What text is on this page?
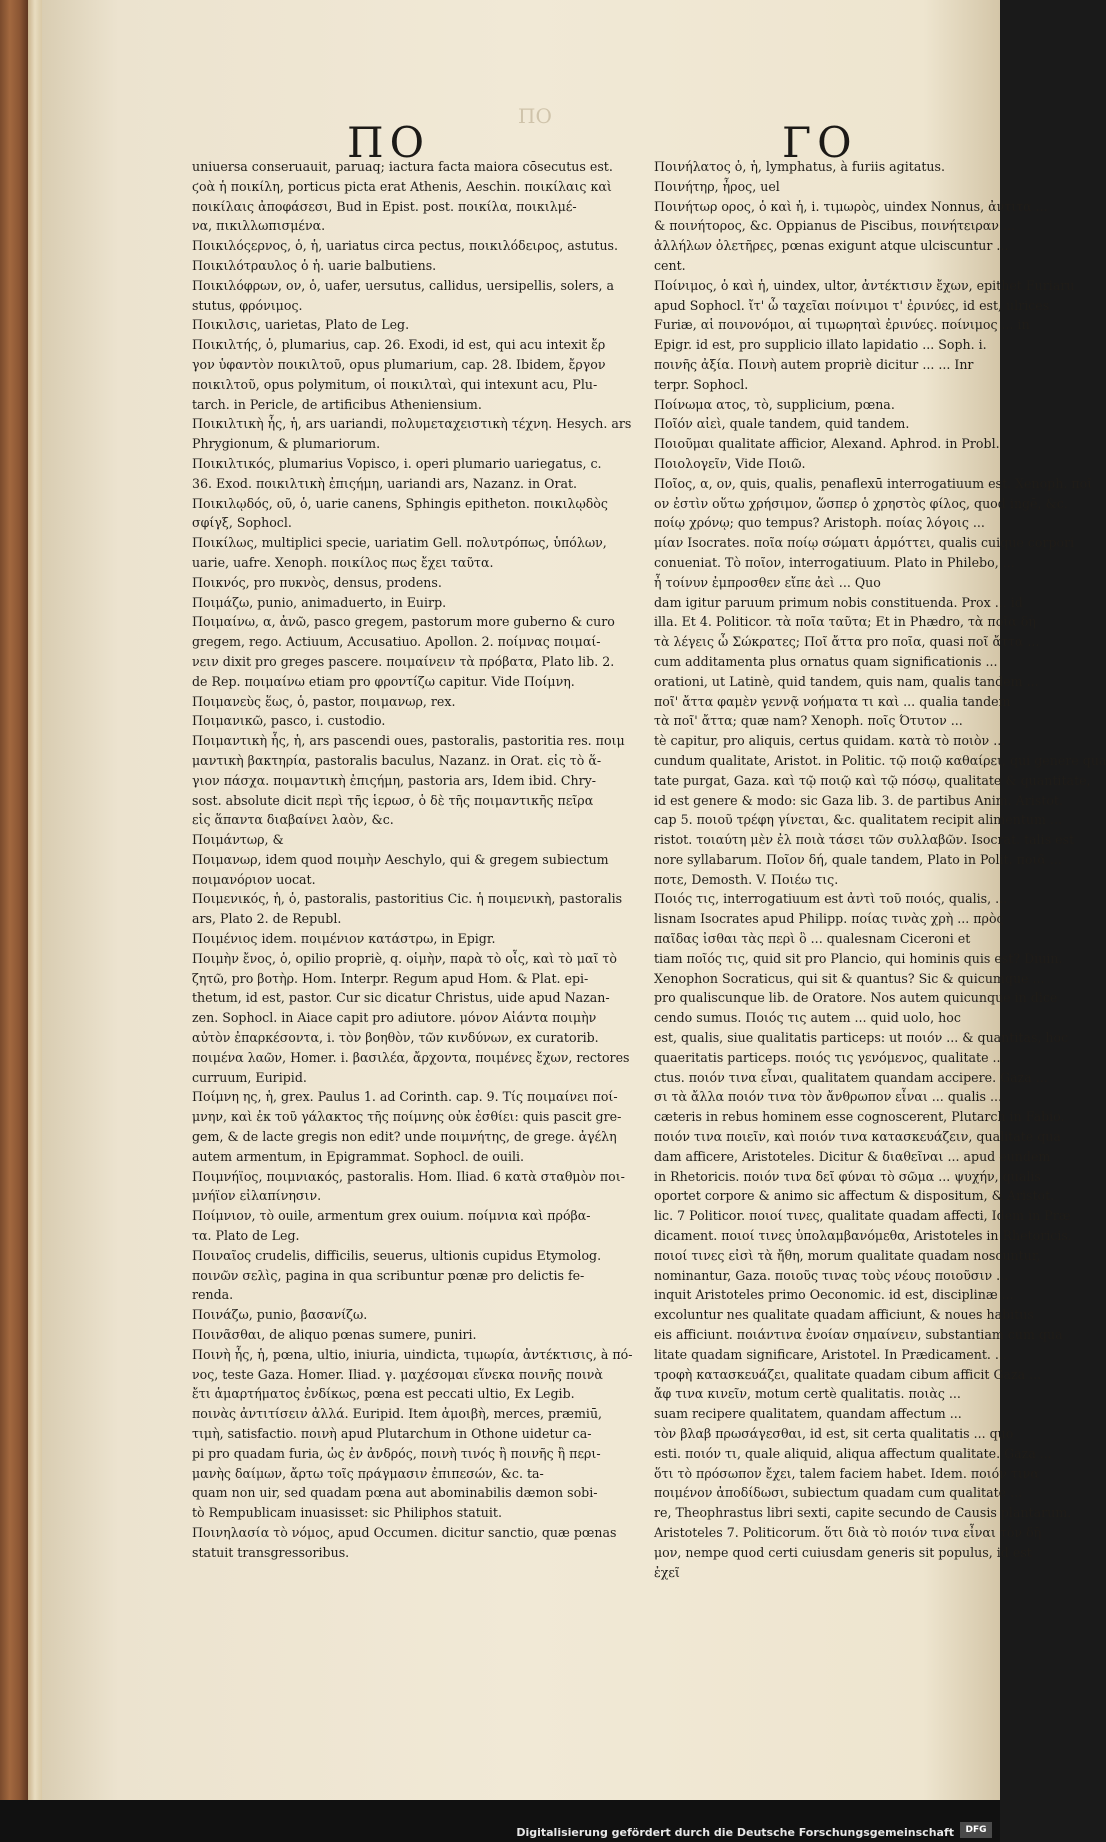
ΠΟ
ΠΟ	ΓΟ

uniuersa conseruauit, paruaq; iactura facta maiora cōsecutus est.

ϛοὰ ἡ ποικίλη, porticus picta erat Athenis, Aeschin. ποικίλαις καὶ

ποικίλαις ἀποφάσεσι, Bud in Epist. post. ποικίλα, ποικιλμέ-

να, πικιλλωπισμένα.

Ποικιλόςερνος, ὁ, ἡ, uariatus circa pectus, ποικιλόδειρος, astutus.

Ποικιλότραυλος ὁ ἡ. uarie balbutiens.

Ποικιλόφρων, ον, ὁ, uafer, uersutus, callidus, uersipellis, solers, a

stutus, φρόνιμος.

Ποικιλσις, uarietas, Plato de Leg.

Ποικιλτής, ὁ, plumarius, cap. 26. Exodi, id est, qui acu intexit ἔρ

γον ὑφαντὸν ποικιλτοῦ, opus plumarium, cap. 28. Ibidem, ἔργον

ποικιλτοῦ, opus polymitum, οἱ ποικιλταὶ, qui intexunt acu, Plu-

tarch. in Pericle, de artificibus Atheniensium.

Ποικιλτικὴ ἧς, ἡ, ars uariandi, πολυμεταχειστικὴ τέχνη. Hesych. ars

Phrygionum, & plumariorum.

Ποικιλτικός, plumarius Vopisco, i. operi plumario uariegatus, c.

36. Exod. ποικιλτικὴ ἐπιςήμη, uariandi ars, Nazanz. in Orat.

Ποικιλῳδός, οῦ, ὁ, uarie canens, Sphingis epitheton. ποικιλῳδὸς

σφίγξ, Sophocl.

Ποικίλως, multiplici specie, uariatim Gell. πολυτρόπως, ὑπόλων,

uarie, uafre. Xenoph. ποικίλος πως ἔχει ταῦτα.

Ποικνός, pro πυκνὸς, densus, prodens.

Ποιμάζω, punio, animaduerto, in Euirp.

Ποιμαίνω, α, ἀνῶ, pasco gregem, pastorum more guberno & curo

gregem, rego. Actiuum, Accusatiuo. Apollon. 2. ποίμνας ποιμαί-

νειν dixit pro greges pascere. ποιμαίνειν τὰ πρόβατα, Plato lib. 2.

de Rep. ποιμαίνω etiam pro φροντίζω capitur. Vide Ποίμνη.

Ποιμανεὺς ἕως, ὁ, pastor, ποιμανωρ, rex.

Ποιμανικῶ, pasco, i. custodio.

Ποιμαντικὴ ἧς, ἡ, ars pascendi oues, pastoralis, pastoritia res. ποιμ

μαντικὴ βακτηρία, pastoralis baculus, Nazanz. in Orat. εἰς τὸ ἅ-

γιον πάσχα. ποιμαντικὴ ἐπιςήμη, pastoria ars, Idem ibid. Chry-

sost. absolute dicit περὶ τῆς ἱερωσ, ὁ δὲ τῆς ποιμαντικῆς πεῖρα

εἰς ἅπαντα διαβαίνει λαὸν, &c.

Ποιμάντωρ, &

Ποιμανωρ, idem quod ποιμὴν Aeschylo, qui & gregem subiectum

ποιμανόριον uocat.

Ποιμενικός, ἡ, ὁ, pastoralis, pastoritius Cic. ἡ ποιμενικὴ, pastoralis

ars, Plato 2. de Republ.

Ποιμένιος idem. ποιμένιον κατάστρω, in Epigr.

Ποιμὴν ἔνος, ὁ, opilio propriè, q. οἱμὴν, παρὰ τὸ οἶς, καὶ τὸ μαῖ τὸ

ζητῶ, pro βοτὴρ. Hom. Interpr. Regum apud Hom. & Plat. epi-

thetum, id est, pastor. Cur sic dicatur Christus, uide apud Nazan-

zen. Sophocl. in Aiace capit pro adiutore. μόνον Αἰάντα ποιμὴν

αὐτὸν ἐπαρκέσοντα, i. τὸν βοηθὸν, τῶν κινδύνων, ex curatorib.

ποιμένα λαῶν, Homer. i. βασιλέα, ἄρχοντα, ποιμένες ἔχων, rectores

curruum, Euripid.

Ποίμνη ης, ἡ, grex. Paulus 1. ad Corinth. cap. 9. Τίς ποιμαίνει ποί-

μνην, καὶ ἐκ τοῦ γάλακτος τῆς ποίμνης οὐκ ἐσθίει: quis pascit gre-

gem, & de lacte gregis non edit? unde ποιμνήτης, de grege. ἀγέλη

autem armentum, in Epigrammat. Sophocl. de ouili.

Ποιμνήϊος, ποιμνιακός, pastoralis. Hom. Iliad. 6 κατὰ σταθμὸν ποι-

μνήϊον εἰλαπίνησιν.

Ποίμνιον, τὸ ouile, armentum grex ouium. ποίμνια καὶ πρόβα-

τα. Plato de Leg.

Ποιναῖος crudelis, difficilis, seuerus, ultionis cupidus Etymolog.

ποινῶν σελὶς, pagina in qua scribuntur pœnæ pro delictis fe-

renda.

Ποινάζω, punio, βασανίζω.

Ποινᾶσθαι, de aliquo pœnas sumere, puniri.

Ποινὴ ἧς, ἡ, pœna, ultio, iniuria, uindicta, τιμωρία, ἀντέκτισις, à πό-

νος, teste Gaza. Homer. Iliad. γ. μαχέσομαι εἵνεκα ποινῆς ποινὰ

ἔτι ἁμαρτήματος ἐνδίκως, pœna est peccati ultio, Ex Legib.

ποινὰς ἀντιτίσειν ἀλλά. Euripid. Item ἀμοιβὴ, merces, præmiū,

τιμὴ, satisfactio. ποινὴ apud Plutarchum in Othone uidetur ca-

pi pro quadam furia, ὡς ἐν ἀνδρός, ποινὴ τινός ἢ ποινῆς ἢ περι-

μανὴς δαίμων, ἄρτω τοῖς πράγμασιν ἐπιπεσών, &c. ta-

quam non uir, sed quadam pœna aut abominabilis dæmon sobi-

tò Rempublicam inuasisset: sic Philiphos statuit.

Ποινηλασία τὸ νόμος, apud Occumen. dicitur sanctio, quæ pœnas

statuit transgressoribus.

Ποινήλατος ὁ, ἡ, lymphatus, à furiis agitatus.

Ποινήτηρ, ἦρος, uel

Ποινήτωρ ορος, ὁ καὶ ἡ, i. τιμωρὸς, uindex Nonnus, ἀντιτα ...

& ποινήτορος, &c. Oppianus de Piscibus, ποινήτειραν ...

ἀλλήλων ὀλετῆρες, pœnas exigunt atque ulciscuntur ...

cent.

Ποίνιμος, ὁ καὶ ἡ, uindex, ultor, ἀντέκτισιν ἔχων, epithet Furiaru

apud Sophocl. ἴτ' ὦ ταχεῖαι ποίνιμοι τ' ἐρινύες, id est, ulrices

Furiæ, αἱ ποινονόμοι, αἱ τιμωρηταὶ ἐρινύες. ποίνιμος ... in

Epigr. id est, pro supplicio illato lapidatio ... Soph. i.

ποινῆς ἀξία. Ποινὴ autem propriè dicitur ... ... Inr

terpr. Sophocl.

Ποίνωμα ατος, τὸ, supplicium, pœna.

Ποῖόν αἰεὶ, quale tandem, quid tandem.

Ποιοῦμαι qualitate afficior, Alexand. Aphrod. in Probl.

Ποιολογεῖν, Vide Ποιῶ.

Ποῖος, α, ον, quis, qualis, penaflexū interrogatiuum est. Xenoph. ποῖ

ον ἐστὶν οὕτω χρήσιμον, ὥσπερ ὁ χρηστὸς φίλος, quod ingē, &c.

ποίῳ χρόνῳ; quo tempus? Aristoph. ποίας λόγοις ...

μίαν Isocrates. ποῖα ποίῳ σώματι ἁρμόττει, qualis cuique corpori

conueniat. Τὸ ποῖον, interrogatiuum. Plato in Philebo, ...

ἦ τοίνυν ἐμπροσθεν εἴπε ἀεὶ ... Quo

dam igitur paruum primum nobis constituenda. Prox ... id

illa. Et 4. Politicor. τὰ ποῖα ταῦτα; Et in Phædro, τὰ ποῖα δὴ

τὰ λέγεις ὦ Σώκρατες; Ποῖ ἄττα pro ποῖα, quasi ποῖ ἄττα ...

cum additamenta plus ornatus quam significationis ...

orationi, ut Latinè, quid tandem, quis nam, qualis tandem ...

ποῖ' ἄττα φαμὲν γεννᾷ νοήματα τι καὶ ... qualia tandem

τὰ ποῖ' ἄττα; quæ nam? Xenoph. ποῖς Ότυτον ...

tè capitur, pro aliquis, certus quidam. κατὰ τὸ ποιὸν ...

cundum qualitate, Aristot. in Politic. τῷ ποιῷ καθαίρει, qui genere qua

tate purgat, Gaza. καὶ τῷ ποιῷ καὶ τῷ πόσῳ, qualitate & quantitate,

id est genere & modo: sic Gaza lib. 3. de partibus Anim. Aristot.

cap 5. ποιοῦ τρέφη γίνεται, &c. qualitatem recipit alimentum ...

ristot. τοιαύτη μὲν ἐλ ποιὰ τάσει τῶν συλλαβῶν. Isocrat. talis est

nore syllabarum. Ποῖον δή, quale tandem, Plato in Polit. ποιᾶ ...

ποτε, Demosth. V. Ποιέω τις.

Ποιός τις, interrogatiuum est ἀντὶ τοῦ ποιός, qualis, ...

lisnam Isocrates apud Philipp. ποίας τινὰς χρὴ ... πρὸς

παῖδας ἰσθαι τὰς περὶ ὃ ... qualesnam Ciceroni et

tiam ποῖός τις, quid sit pro Plancio, qui hominis quis est? Diuin.

Xenophon Socraticus, qui sit & quantus? Sic & quicumque ...

pro qualiscunque lib. de Oratore. Nos autem quicunque in dice

cendo sumus. Ποιός τις autem ... quid uolo, hoc

est, qualis, siue qualitatis particeps: ut ποιόν ... & quantitas, hoc

quaeritatis particeps. ποιός τις γενόμενος, qualitate ...

ctus. ποιόν τινα εἶναι, qualitatem quandam accipere. Gaza ...

σι τὰ ἄλλα ποιόν τινα τὸν ἄνθρωπον εἶναι ... qualis ...

cæteris in rebus hominem esse cognoscerent, Plutarch in Fabio.

ποιόν τινα ποιεῖν, καὶ ποιόν τινα κατασκευάζειν, qualitate qua

dam afficere, Aristoteles. Dicitur & διαθεῖναι ... apud eundem

in Rhetoricis. ποιόν τινα δεῖ φύναι τὸ σῶμα ... ψυχήν, qualis

oportet corpore & animo sic affectum & dispositum, & Aristot.

lic. 7 Politicor. ποιοί τινες, qualitate quadam affecti, Idem in Præ

dicament. ποιοί τινες ὑπολαμβανόμεθα, Aristoteles in Rhetoricis.

ποιοί τινες εἰσὶ τὰ ἤθη, morum qualitate quadam noscuntur,

nominantur, Gaza. ποιοῦς τινας τοὺς νέους ποιοῦσιν ...

inquit Aristoteles primo Oeconomic. id est, disciplinæ ...

excoluntur nes qualitate quadam afficiunt, & noues habitus

eis afficiunt. ποιάντινα ἐνοίαν σημαίνειν, substantiam cum qua

litate quadam significare, Aristotel. In Prædicament. ...

τροφὴ κατασκευάζει, qualitate quadam cibum afficit Gaza ...

ἄφ τινα κινεῖν, motum certè qualitatis. ποιὰς ...

suam recipere qualitatem, quandam affectum ...

τὸν βλαβ πρωσάγεσθαι, id est, sit certa qualitatis ... quo

esti. ποιόν τι, quale aliquid, aliqua affectum qualitate. Gaza ...

ὅτι τὸ πρόσωπον ἔχει, talem faciem habet. Idem. ποιόν τινα

ποιμένον ἀποδίδωσι, subiectum quadam cum qualitate ...

re, Theophrastus libri sexti, capite secundo de Causis plantarum.

Aristoteles 7. Politicorum. ὅτι διὰ τὸ ποιόν τινα εἶναι τὸν δῆ

μον, nempe quod certi cuiusdam generis sit populus, id est

ἐχεῖ

Digitalisierung gefördert durch die Deutsche Forschungsgemeinschaft	DFG
